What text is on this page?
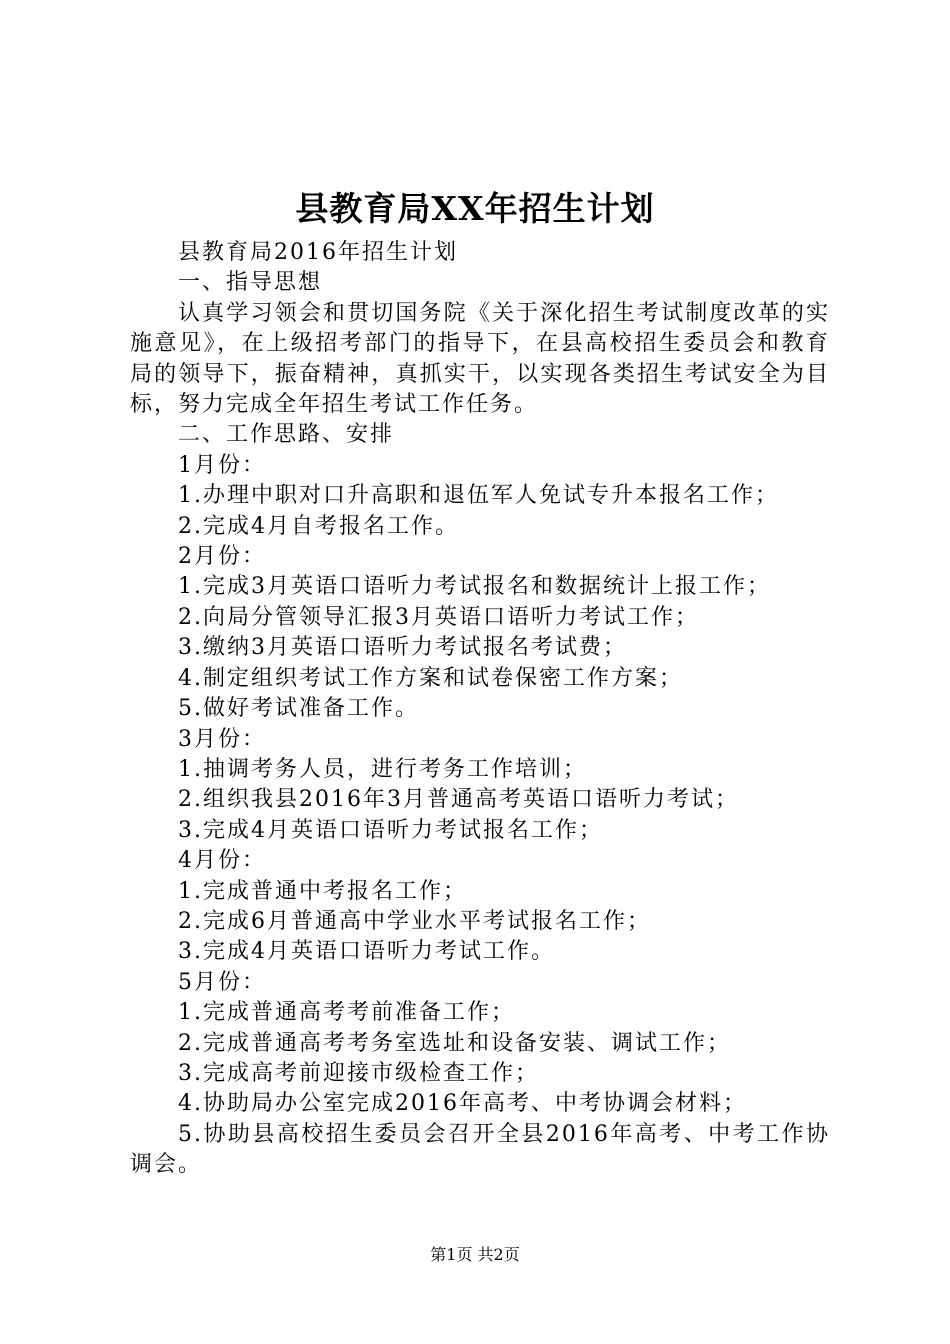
县教育局XX年招生计划

县教育局2016年招生计划

一、指导思想

认真学习领会和贯切国务院《关于深化招生考试制度改革的实施意见》，在上级招考部门的指导下，在县高校招生委员会和教育局的领导下，振奋精神，真抓实干，以实现各类招生考试安全为目标，努力完成全年招生考试工作任务。

二、工作思路、安排

1月份：

1.办理中职对口升高职和退伍军人免试专升本报名工作；

2.完成4月自考报名工作。

2月份：

1.完成3月英语口语听力考试报名和数据统计上报工作；

2.向局分管领导汇报3月英语口语听力考试工作；

3.缴纳3月英语口语听力考试报名考试费；

4.制定组织考试工作方案和试卷保密工作方案；

5.做好考试准备工作。

3月份：

1.抽调考务人员，进行考务工作培训；

2.组织我县2016年3月普通高考英语口语听力考试；

3.完成4月英语口语听力考试报名工作；

4月份：

1.完成普通中考报名工作；

2.完成6月普通高中学业水平考试报名工作；

3.完成4月英语口语听力考试工作。

5月份：

1.完成普通高考考前准备工作；

2.完成普通高考考务室选址和设备安装、调试工作；

3.完成高考前迎接市级检查工作；

4.协助局办公室完成2016年高考、中考协调会材料；

5.协助县高校招生委员会召开全县2016年高考、中考工作协调会。

第1页 共2页
